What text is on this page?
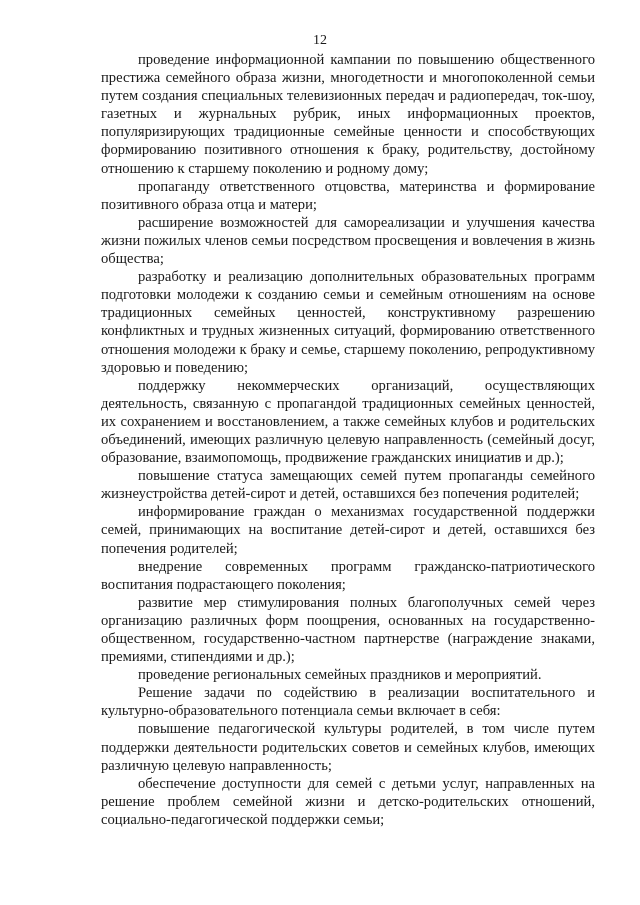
12

проведение информационной кампании по повышению общественного престижа семейного образа жизни, многодетности и многопоколенной семьи путем создания специальных телевизионных передач и радиопередач, ток-шоу, газетных и журнальных рубрик, иных информационных проектов, популяризирующих традиционные семейные ценности и способствующих формированию позитивного отношения к браку, родительству, достойному отношению к старшему поколению и родному дому;

пропаганду ответственного отцовства, материнства и формирование позитивного образа отца и матери;

расширение возможностей для самореализации и улучшения качества жизни пожилых членов семьи посредством просвещения и вовлечения в жизнь общества;

разработку и реализацию дополнительных образовательных программ подготовки молодежи к созданию семьи и семейным отношениям на основе традиционных семейных ценностей, конструктивному разрешению конфликтных и трудных жизненных ситуаций, формированию ответственного отношения молодежи к браку и семье, старшему поколению, репродуктивному здоровью и поведению;

поддержку некоммерческих организаций, осуществляющих деятельность, связанную с пропагандой традиционных семейных ценностей, их сохранением и восстановлением, а также семейных клубов и родительских объединений, имеющих различную целевую направленность (семейный досуг, образование, взаимопомощь, продвижение гражданских инициатив и др.);

повышение статуса замещающих семей путем пропаганды семейного жизнеустройства детей-сирот и детей, оставшихся без попечения родителей;

информирование граждан о механизмах государственной поддержки семей, принимающих на воспитание детей-сирот и детей, оставшихся без попечения родителей;

внедрение современных программ гражданско-патриотического воспитания подрастающего поколения;

развитие мер стимулирования полных благополучных семей через организацию различных форм поощрения, основанных на государственно-общественном, государственно-частном партнерстве (награждение знаками, премиями, стипендиями и др.);

проведение региональных семейных праздников и мероприятий.

Решение задачи по содействию в реализации воспитательного и культурно-образовательного потенциала семьи включает в себя:

повышение педагогической культуры родителей, в том числе путем поддержки деятельности родительских советов и семейных клубов, имеющих различную целевую направленность;

обеспечение доступности для семей с детьми услуг, направленных на решение проблем семейной жизни и детско-родительских отношений, социально-педагогической поддержки семьи;
